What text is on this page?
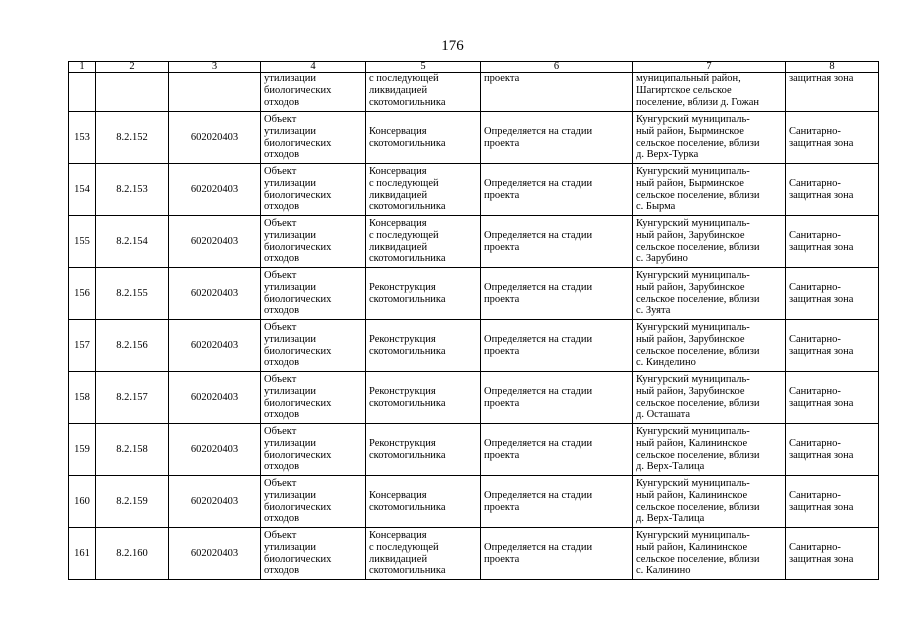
176
1	2	3	4	5	6	7	8

			утилизации
биологических
отходов	с последующей
ликвидацией
скотомогильника	проекта	муниципальный район,
Шагиртское сельское
поселение, вблизи д. Гожан	защитная зона

153	8.2.152	602020403	Объект
утилизации
биологических
отходов	Консервация
скотомогильника	Определяется на стадии
проекта	Кунгурский муниципаль-
ный район, Бырминское
сельское поселение, вблизи
д. Верх-Турка	Санитарно-
защитная зона

154	8.2.153	602020403	Объект
утилизации
биологических
отходов	Консервация
с последующей
ликвидацией
скотомогильника	Определяется на стадии
проекта	Кунгурский муниципаль-
ный район, Бырминское
сельское поселение, вблизи
с. Бырма	Санитарно-
защитная зона

155	8.2.154	602020403	Объект
утилизации
биологических
отходов	Консервация
с последующей
ликвидацией
скотомогильника	Определяется на стадии
проекта	Кунгурский муниципаль-
ный район, Зарубинское
сельское поселение, вблизи
с. Зарубино	Санитарно-
защитная зона

156	8.2.155	602020403	Объект
утилизации
биологических
отходов	Реконструкция
скотомогильника	Определяется на стадии
проекта	Кунгурский муниципаль-
ный район, Зарубинское
сельское поселение, вблизи
с. Зуята	Санитарно-
защитная зона

157	8.2.156	602020403	Объект
утилизации
биологических
отходов	Реконструкция
скотомогильника	Определяется на стадии
проекта	Кунгурский муниципаль-
ный район, Зарубинское
сельское поселение, вблизи
с. Кинделино	Санитарно-
защитная зона

158	8.2.157	602020403	Объект
утилизации
биологических
отходов	Реконструкция
скотомогильника	Определяется на стадии
проекта	Кунгурский муниципаль-
ный район, Зарубинское
сельское поселение, вблизи
д. Осташата	Санитарно-
защитная зона

159	8.2.158	602020403	Объект
утилизации
биологических
отходов	Реконструкция
скотомогильника	Определяется на стадии
проекта	Кунгурский муниципаль-
ный район, Калининское
сельское поселение, вблизи
д. Верх-Талица	Санитарно-
защитная зона

160	8.2.159	602020403	Объект
утилизации
биологических
отходов	Консервация
скотомогильника	Определяется на стадии
проекта	Кунгурский муниципаль-
ный район, Калининское
сельское поселение, вблизи
д. Верх-Талица	Санитарно-
защитная зона

161	8.2.160	602020403	Объект
утилизации
биологических
отходов	Консервация
с последующей
ликвидацией
скотомогильника	Определяется на стадии
проекта	Кунгурский муниципаль-
ный район, Калининское
сельское поселение, вблизи
с. Калинино	Санитарно-
защитная зона
